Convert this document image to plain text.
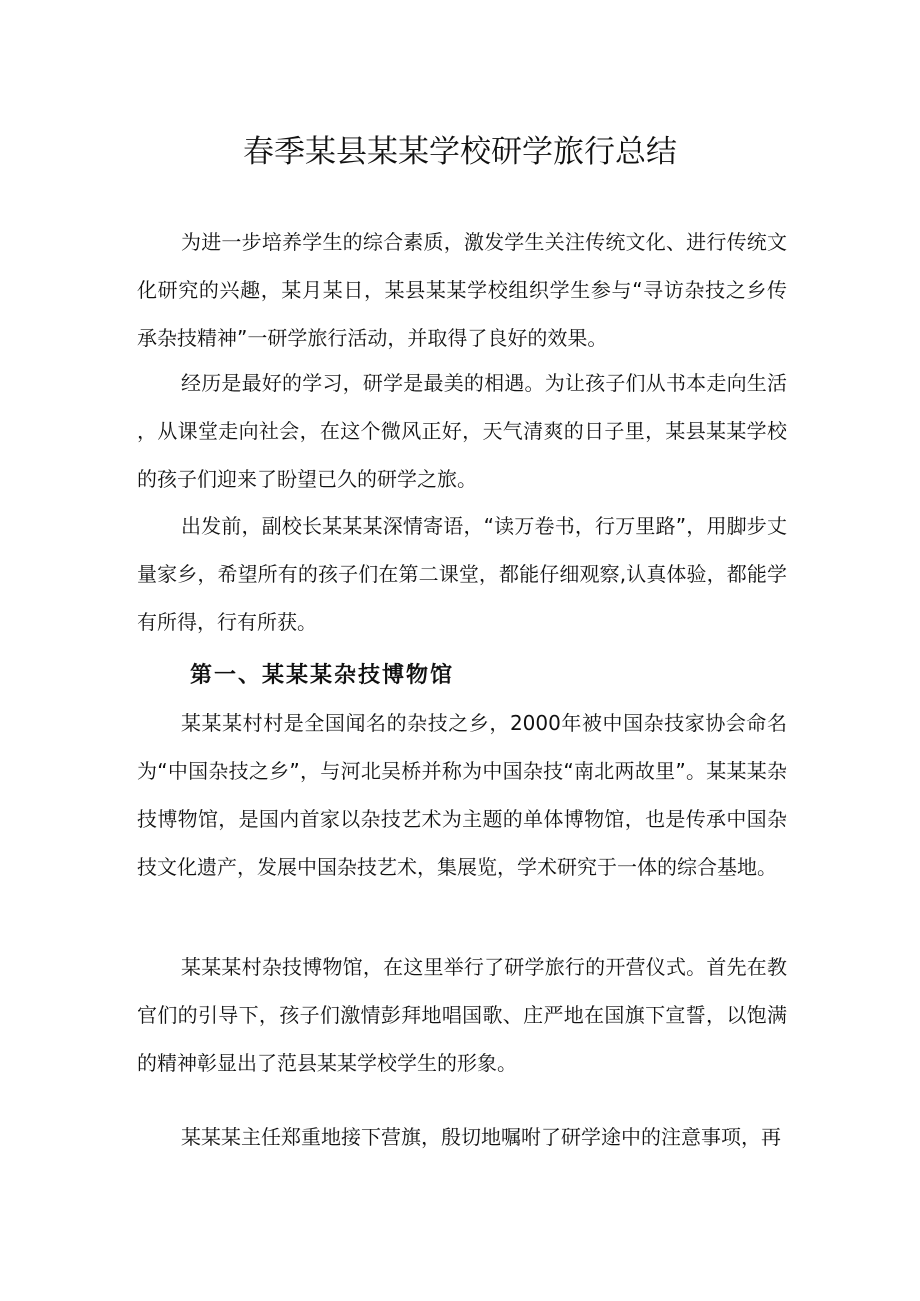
春季某县某某学校研学旅行总结

为进一步培养学生的综合素质，激发学生关注传统文化、进行传统文化研究的兴趣，某月某日，某县某某学校组织学生参与“寻访杂技之乡传承杂技精神”一研学旅行活动，并取得了良好的效果。

经历是最好的学习，研学是最美的相遇。为让孩子们从书本走向生活，从课堂走向社会，在这个微风正好，天气清爽的日子里，某县某某学校的孩子们迎来了盼望已久的研学之旅。

出发前，副校长某某某深情寄语，“读万卷书，行万里路”，用脚步丈量家乡，希望所有的孩子们在第二课堂，都能仔细观察,认真体验，都能学有所得，行有所获。

第一、某某某杂技博物馆

某某某村村是全国闻名的杂技之乡，2000年被中国杂技家协会命名为“中国杂技之乡”，与河北吴桥并称为中国杂技“南北两故里”。某某某杂技博物馆，是国内首家以杂技艺术为主题的单体博物馆，也是传承中国杂技文化遗产，发展中国杂技艺术，集展览，学术研究于一体的综合基地。

某某某村杂技博物馆，在这里举行了研学旅行的开营仪式。首先在教官们的引导下，孩子们激情彭拜地唱国歌、庄严地在国旗下宣誓，以饱满的精神彰显出了范县某某学校学生的形象。

某某某主任郑重地接下营旗，殷切地嘱咐了研学途中的注意事项，再
